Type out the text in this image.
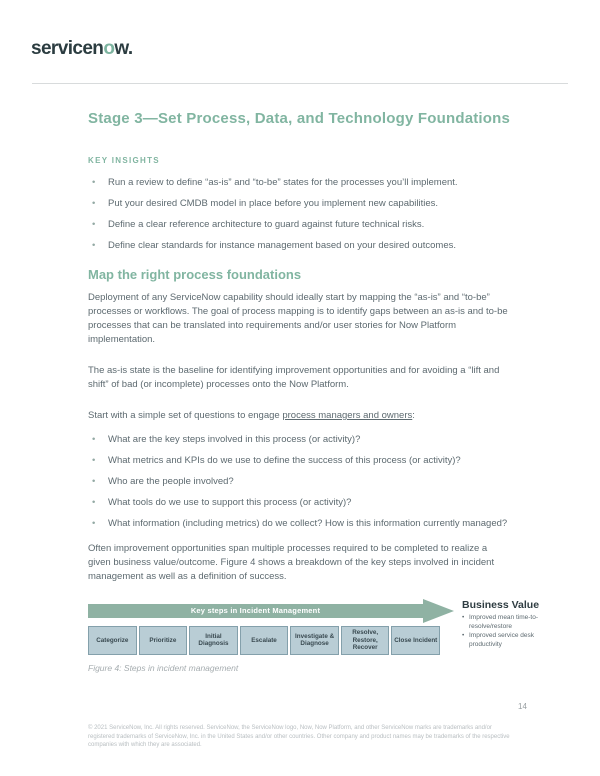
servicenow.
Stage 3—Set Process, Data, and Technology Foundations
KEY INSIGHTS
• Run a review to define “as-is” and “to-be” states for the processes you’ll implement.
• Put your desired CMDB model in place before you implement new capabilities.
• Define a clear reference architecture to guard against future technical risks.
• Define clear standards for instance management based on your desired outcomes.
Map the right process foundations

Deployment of any ServiceNow capability should ideally start by mapping the “as-is” and “to-be” processes or workflows. The goal of process mapping is to identify gaps between an as-is and to-be processes that can be translated into requirements and/or user stories for Now Platform implementation.

The as-is state is the baseline for identifying improvement opportunities and for avoiding a “lift and shift” of bad (or incomplete) processes onto the Now Platform.

Start with a simple set of questions to engage process managers and owners:
• What are the key steps involved in this process (or activity)?
• What metrics and KPIs do we use to define the success of this process (or activity)?
• Who are the people involved?
• What tools do we use to support this process (or activity)?
• What information (including metrics) do we collect? How is this information currently managed?

Often improvement opportunities span multiple processes required to be completed to realize a given business value/outcome. Figure 4 shows a breakdown of the key steps involved in incident management as well as a definition of success.

Key steps in Incident Management
Categorize	Prioritize
Initial Diagnosis
Escalate
Investigate & Diagnose
Resolve, Restore, Recover
Close Incident
Business Value
• Improved mean time-to-resolve/restore
• Improved service desk productivity
Figure 4: Steps in incident management
14
© 2021 ServiceNow, Inc. All rights reserved. ServiceNow, the ServiceNow logo, Now, Now Platform, and other ServiceNow marks are trademarks and/or registered trademarks of ServiceNow, Inc. in the United States and/or other countries. Other company and product names may be trademarks of the respective companies with which they are associated.
